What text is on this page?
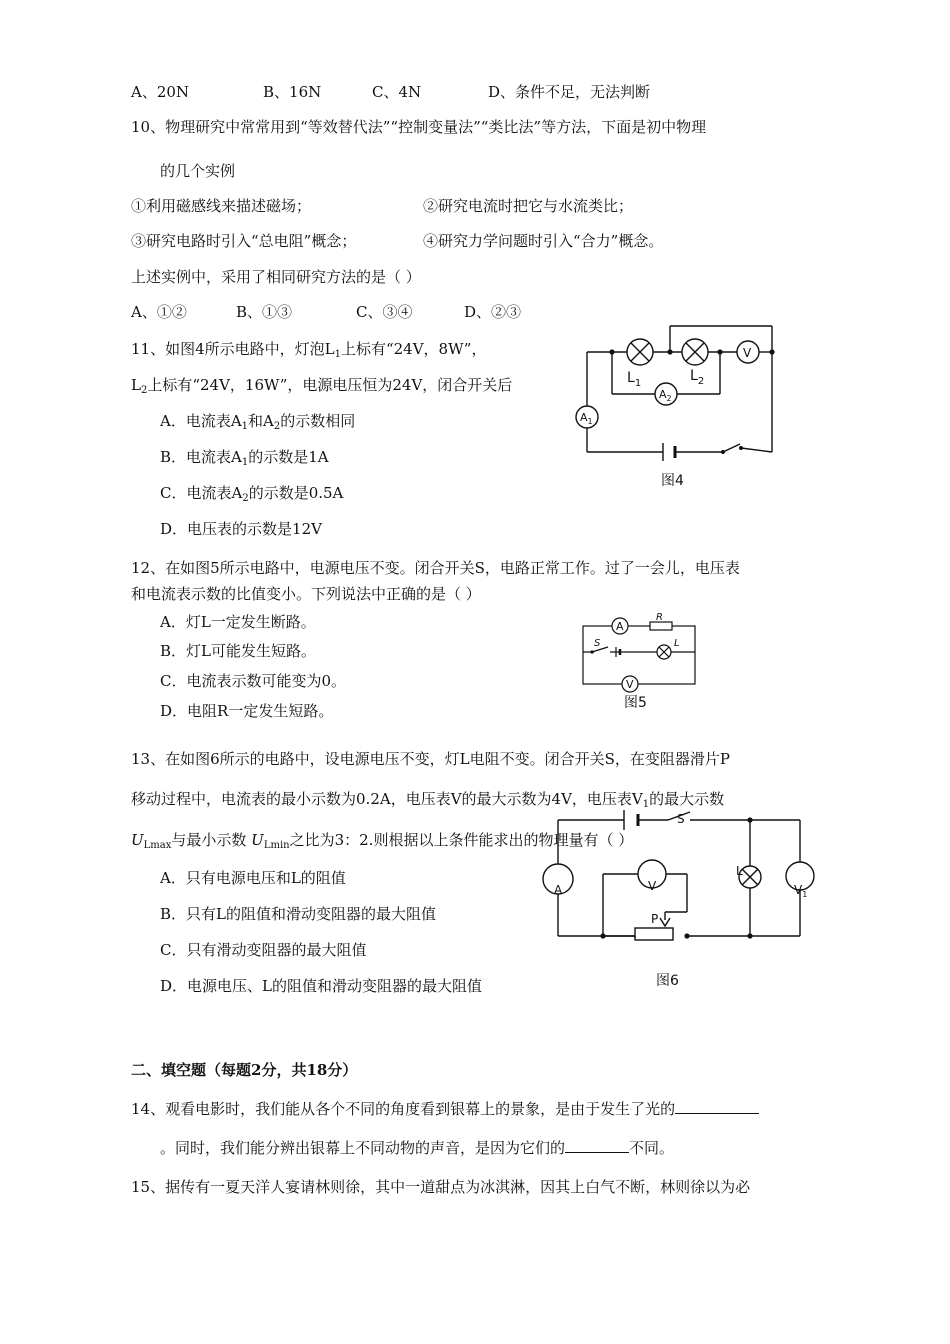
A、20N	B、16N	C、4N	D、条件不足，无法判断
10、物理研究中常常用到“等效替代法”“控制变量法”“类比法”等方法，下面是初中物理
的几个实例
①利用磁感线来描述磁场；	②研究电流时把它与水流类比；
③研究电路时引入“总电阻”概念；	④研究力学问题时引入“合力”概念。
上述实例中，采用了相同研究方法的是（ ）
A、①②	B、①③	C、③④	D、②③
11、如图4所示电路中，灯泡$L_1$上标有“24V，8W”，
$L_2$上标有“24V，16W”，电源电压恒为24V，闭合开关后
A．电流表$A_1$和$A_2$的示数相同
B．电流表$A_1$的示数是1A
C．电流表$A_2$的示数是0.5A
D．电压表的示数是12V
$L_1$	$L_2$
$A_2$
$A_1$
V
图4
12、在如图5所示电路中，电源电压不变。闭合开关S，电路正常工作。过了一会儿，电压表
和电流表示数的比值变小。下列说法中正确的是（ ）
A．灯L一定发生断路。
B．灯L可能发生短路。
C．电流表示数可能变为0。
D．电阻R一定发生短路。
A
R
S	L
V
图5
13、在如图6所示的电路中，设电源电压不变，灯L电阻不变。闭合开关S，在变阻器滑片P
移动过程中，电流表的最小示数为0.2A，电压表V的最大示数为4V，电压表$V_1$的最大示数
$U_{Lmax}$与最小示数 $U_{Lmin}$之比为3：2.则根据以上条件能求出的物理量有（ ）
A．只有电源电压和L的阻值
B．只有L的阻值和滑动变阻器的最大阻值
C．只有滑动变阻器的最大阻值
D．电源电压、L的阻值和滑动变阻器的最大阻值
S
A	V
L
P
$V_1$
图6
二、填空题（每题2分，共18分）
14、观看电影时，我们能从各个不同的角度看到银幕上的景象，是由于发生了光的
。同时，我们能分辨出银幕上不同动物的声音，是因为它们的	不同。
15、据传有一夏天洋人宴请林则徐，其中一道甜点为冰淇淋，因其上白气不断，林则徐以为必
